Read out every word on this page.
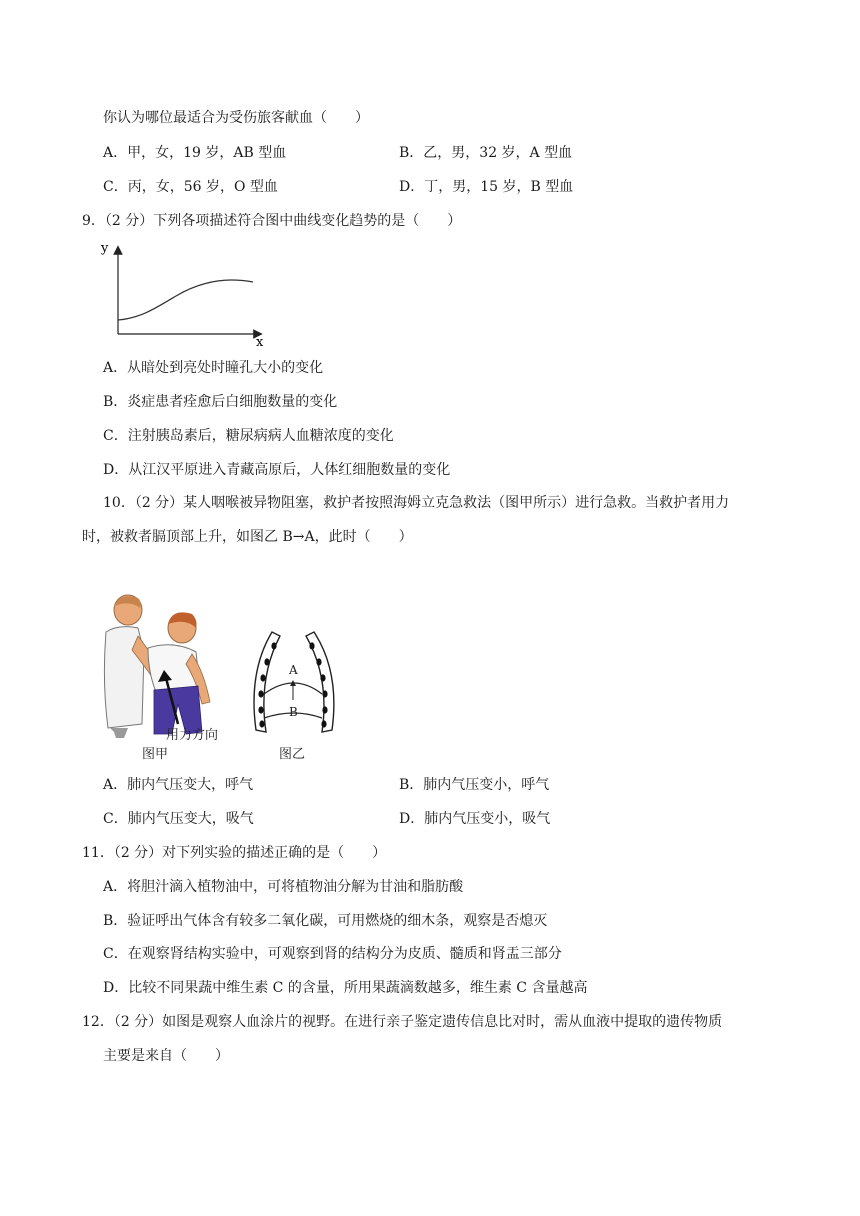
你认为哪位最适合为受伤旅客献血（　　）
A．甲，女，19 岁，AB 型血	B．乙，男，32 岁，A 型血
C．丙，女，56 岁，O 型血	D．丁，男，15 岁，B 型血
9．（2 分）下列各项描述符合图中曲线变化趋势的是（　　）
y
x
A．从暗处到亮处时瞳孔大小的变化
B．炎症患者痊愈后白细胞数量的变化
C．注射胰岛素后，糖尿病病人血糖浓度的变化
D．从江汉平原进入青藏高原后，人体红细胞数量的变化
10．（2 分）某人咽喉被异物阻塞，救护者按照海姆立克急救法（图甲所示）进行急救。当救护者用力
时，被救者膈顶部上升，如图乙 B→A，此时（　　）
用力方向
图甲
A
B
图乙
A．肺内气压变大，呼气	B．肺内气压变小，呼气
C．肺内气压变大，吸气	D．肺内气压变小，吸气
11．（2 分）对下列实验的描述正确的是（　　）
A．将胆汁滴入植物油中，可将植物油分解为甘油和脂肪酸
B．验证呼出气体含有较多二氧化碳，可用燃烧的细木条，观察是否熄灭
C．在观察肾结构实验中，可观察到肾的结构分为皮质、髓质和肾盂三部分
D．比较不同果蔬中维生素 C 的含量，所用果蔬滴数越多，维生素 C 含量越高
12．（2 分）如图是观察人血涂片的视野。在进行亲子鉴定遗传信息比对时，需从血液中提取的遗传物质
主要是来自（　　）
